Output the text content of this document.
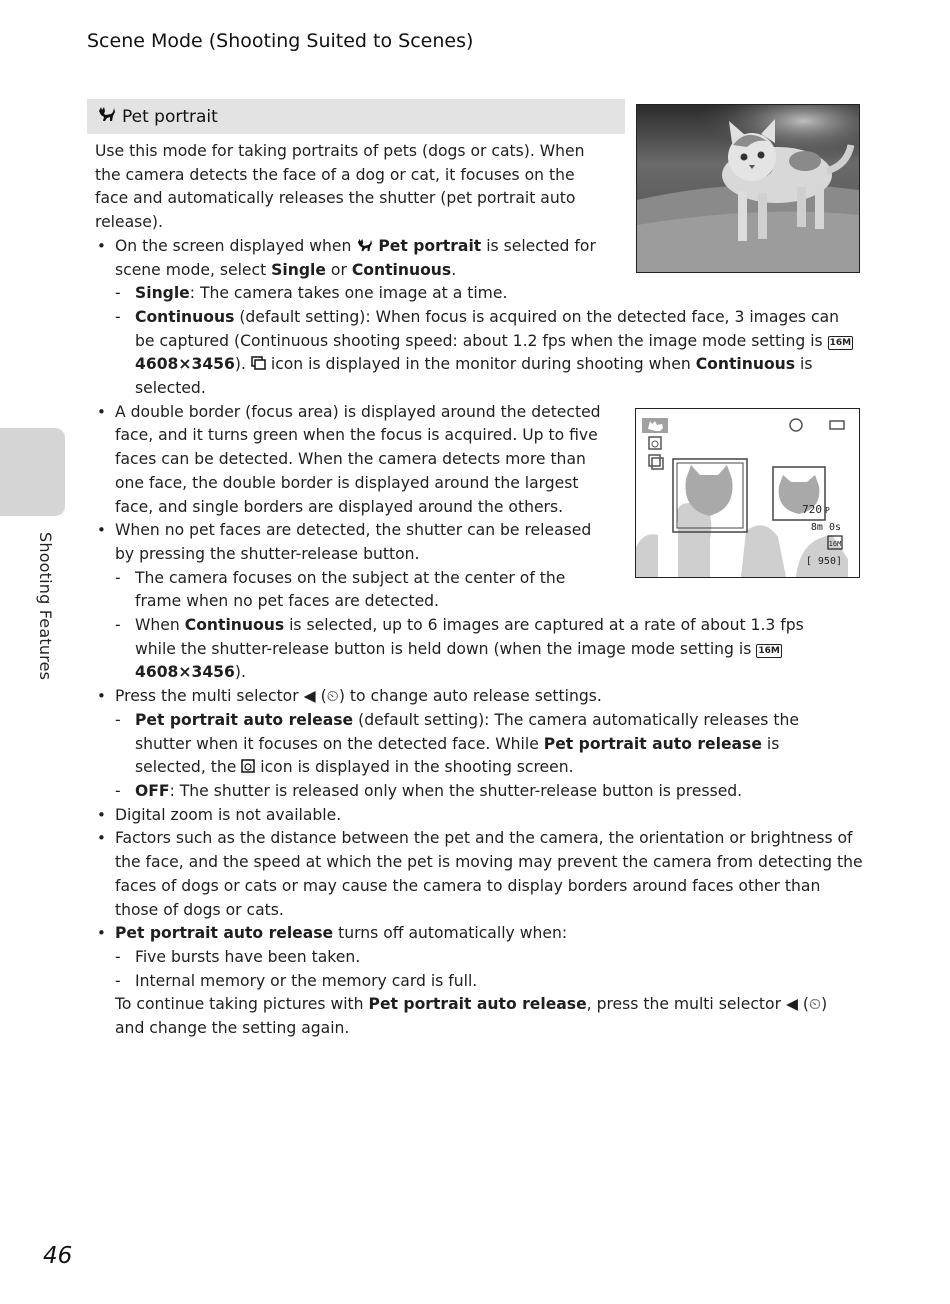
Scene Mode (Shooting Suited to Scenes)
Shooting Features
Pet portrait
720 P
8m 0s
16M
[ 950]

Use this mode for taking portraits of pets (dogs or cats). When the camera detects the face of a dog or cat, it focuses on the face and automatically releases the shutter (pet portrait auto release).

• On the screen displayed when Pet portrait is selected for scene mode, select Single or Continuous.
- Single: The camera takes one image at a time.
- Continuous (default setting): When focus is acquired on the detected face, 3 images can be captured (Continuous shooting speed: about 1.2 fps when the image mode setting is 16M 4608×3456). icon is displayed in the monitor during shooting when Continuous is selected.

• A double border (focus area) is displayed around the detected face, and it turns green when the focus is acquired. Up to five faces can be detected. When the camera detects more than one face, the double border is displayed around the largest face, and single borders are displayed around the others.

• When no pet faces are detected, the shutter can be released by pressing the shutter-release button.

- The camera focuses on the subject at the center of the frame when no pet faces are detected.

- When Continuous is selected, up to 6 images are captured at a rate of about 1.3 fps while the shutter-release button is held down (when the image mode setting is 16M 4608×3456).
• Press the multi selector ◀ (⏲) to change auto release settings.
- Pet portrait auto release (default setting): The camera automatically releases the shutter when it focuses on the detected face. While Pet portrait auto release is selected, the icon is displayed in the shooting screen.
- OFF: The shutter is released only when the shutter-release button is pressed.

• Digital zoom is not available.

• Factors such as the distance between the pet and the camera, the orientation or brightness of the face, and the speed at which the pet is moving may prevent the camera from detecting the faces of dogs or cats or may cause the camera to display borders around faces other than those of dogs or cats.

• Pet portrait auto release turns off automatically when:

- Five bursts have been taken.

- Internal memory or the memory card is full.

To continue taking pictures with Pet portrait auto release, press the multi selector ◀ (⏲) and change the setting again.
46
